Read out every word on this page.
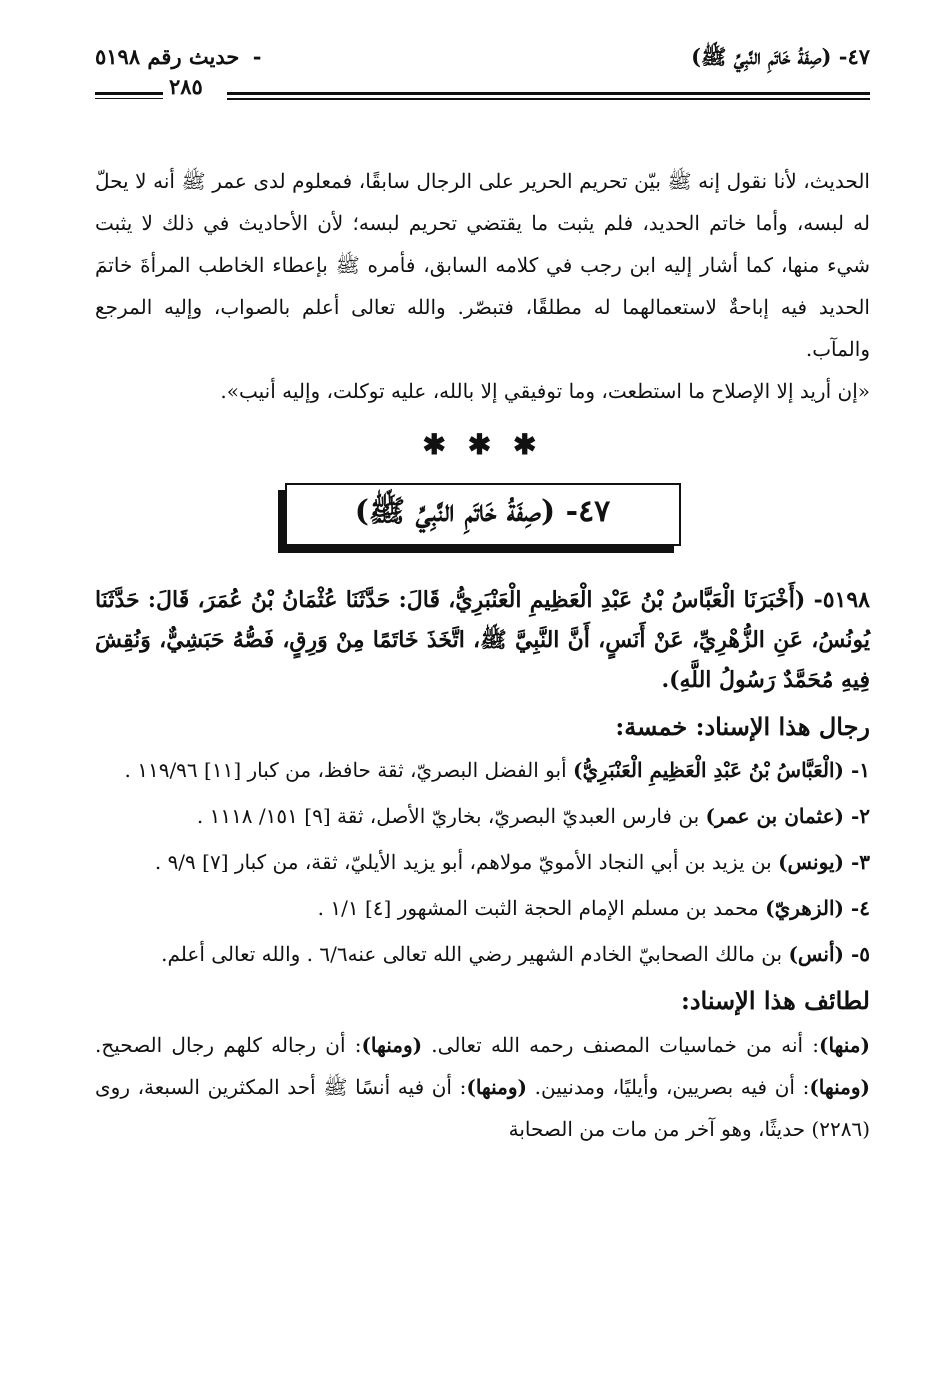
٤٧- (صِفَةُ خَاتَمِ النَّبِيِّ ﷺ)
- حديث رقم ٥١٩٨
٢٨٥

الحديث، لأنا نقول إنه ﷺ بيّن تحريم الحرير على الرجال سابقًا، فمعلوم لدى عمر ﷺ أنه لا يحلّ له لبسه، وأما خاتم الحديد، فلم يثبت ما يقتضي تحريم لبسه؛ لأن الأحاديث في ذلك لا يثبت شيء منها، كما أشار إليه ابن رجب في كلامه السابق، فأمره ﷺ بإعطاء الخاطب المرأةَ خاتمَ الحديد فيه إباحةٌ لاستعمالهما له مطلقًا، فتبصّر. والله تعالى أعلم بالصواب، وإليه المرجع والمآب.

«إن أريد إلا الإصلاح ما استطعت، وما توفيقي إلا بالله، عليه توكلت، وإليه أنيب».

✱ ✱ ✱
٤٧- (صِفَةُ خَاتَمِ النَّبِيِّ ﷺ)

٥١٩٨- (أَخْبَرَنَا الْعَبَّاسُ بْنُ عَبْدِ الْعَظِيمِ الْعَنْبَرِيُّ، قَالَ: حَدَّثَنَا عُثْمَانُ بْنُ عُمَرَ، قَالَ: حَدَّثَنَا يُونُسُ، عَنِ الزُّهْرِيِّ، عَنْ أَنَسٍ، أَنَّ النَّبِيَّ ﷺ، اتَّخَذَ خَاتَمًا مِنْ وَرِقٍ، فَصُّهُ حَبَشِيٌّ، وَنُقِشَ فِيهِ مُحَمَّدٌ رَسُولُ اللَّهِ).

رجال هذا الإسناد: خمسة:

١- (الْعَبَّاسُ بْنُ عَبْدِ الْعَظِيمِ الْعَنْبَرِيُّ) أبو الفضل البصريّ، ثقة حافظ، من كبار [١١] ١١٩/٩٦ .

٢- (عثمان بن عمر) بن فارس العبديّ البصريّ، بخاريّ الأصل، ثقة [٩] ١٥١/ ١١١٨ .

٣- (يونس) بن يزيد بن أبي النجاد الأمويّ مولاهم، أبو يزيد الأيليّ، ثقة، من كبار [٧] ٩/٩ .

٤- (الزهريّ) محمد بن مسلم الإمام الحجة الثبت المشهور [٤] ١/١ .

٥- (أنس) بن مالك الصحابيّ الخادم الشهير رضي الله تعالى عنه٦/٦ . والله تعالى أعلم.

لطائف هذا الإسناد:

(منها): أنه من خماسيات المصنف رحمه الله تعالى. (ومنها): أن رجاله كلهم رجال الصحيح. (ومنها): أن فيه بصريين، وأيليًا، ومدنيين. (ومنها): أن فيه أنسًا ﷺ أحد المكثرين السبعة، روى (٢٢٨٦) حديثًا، وهو آخر من مات من الصحابة
